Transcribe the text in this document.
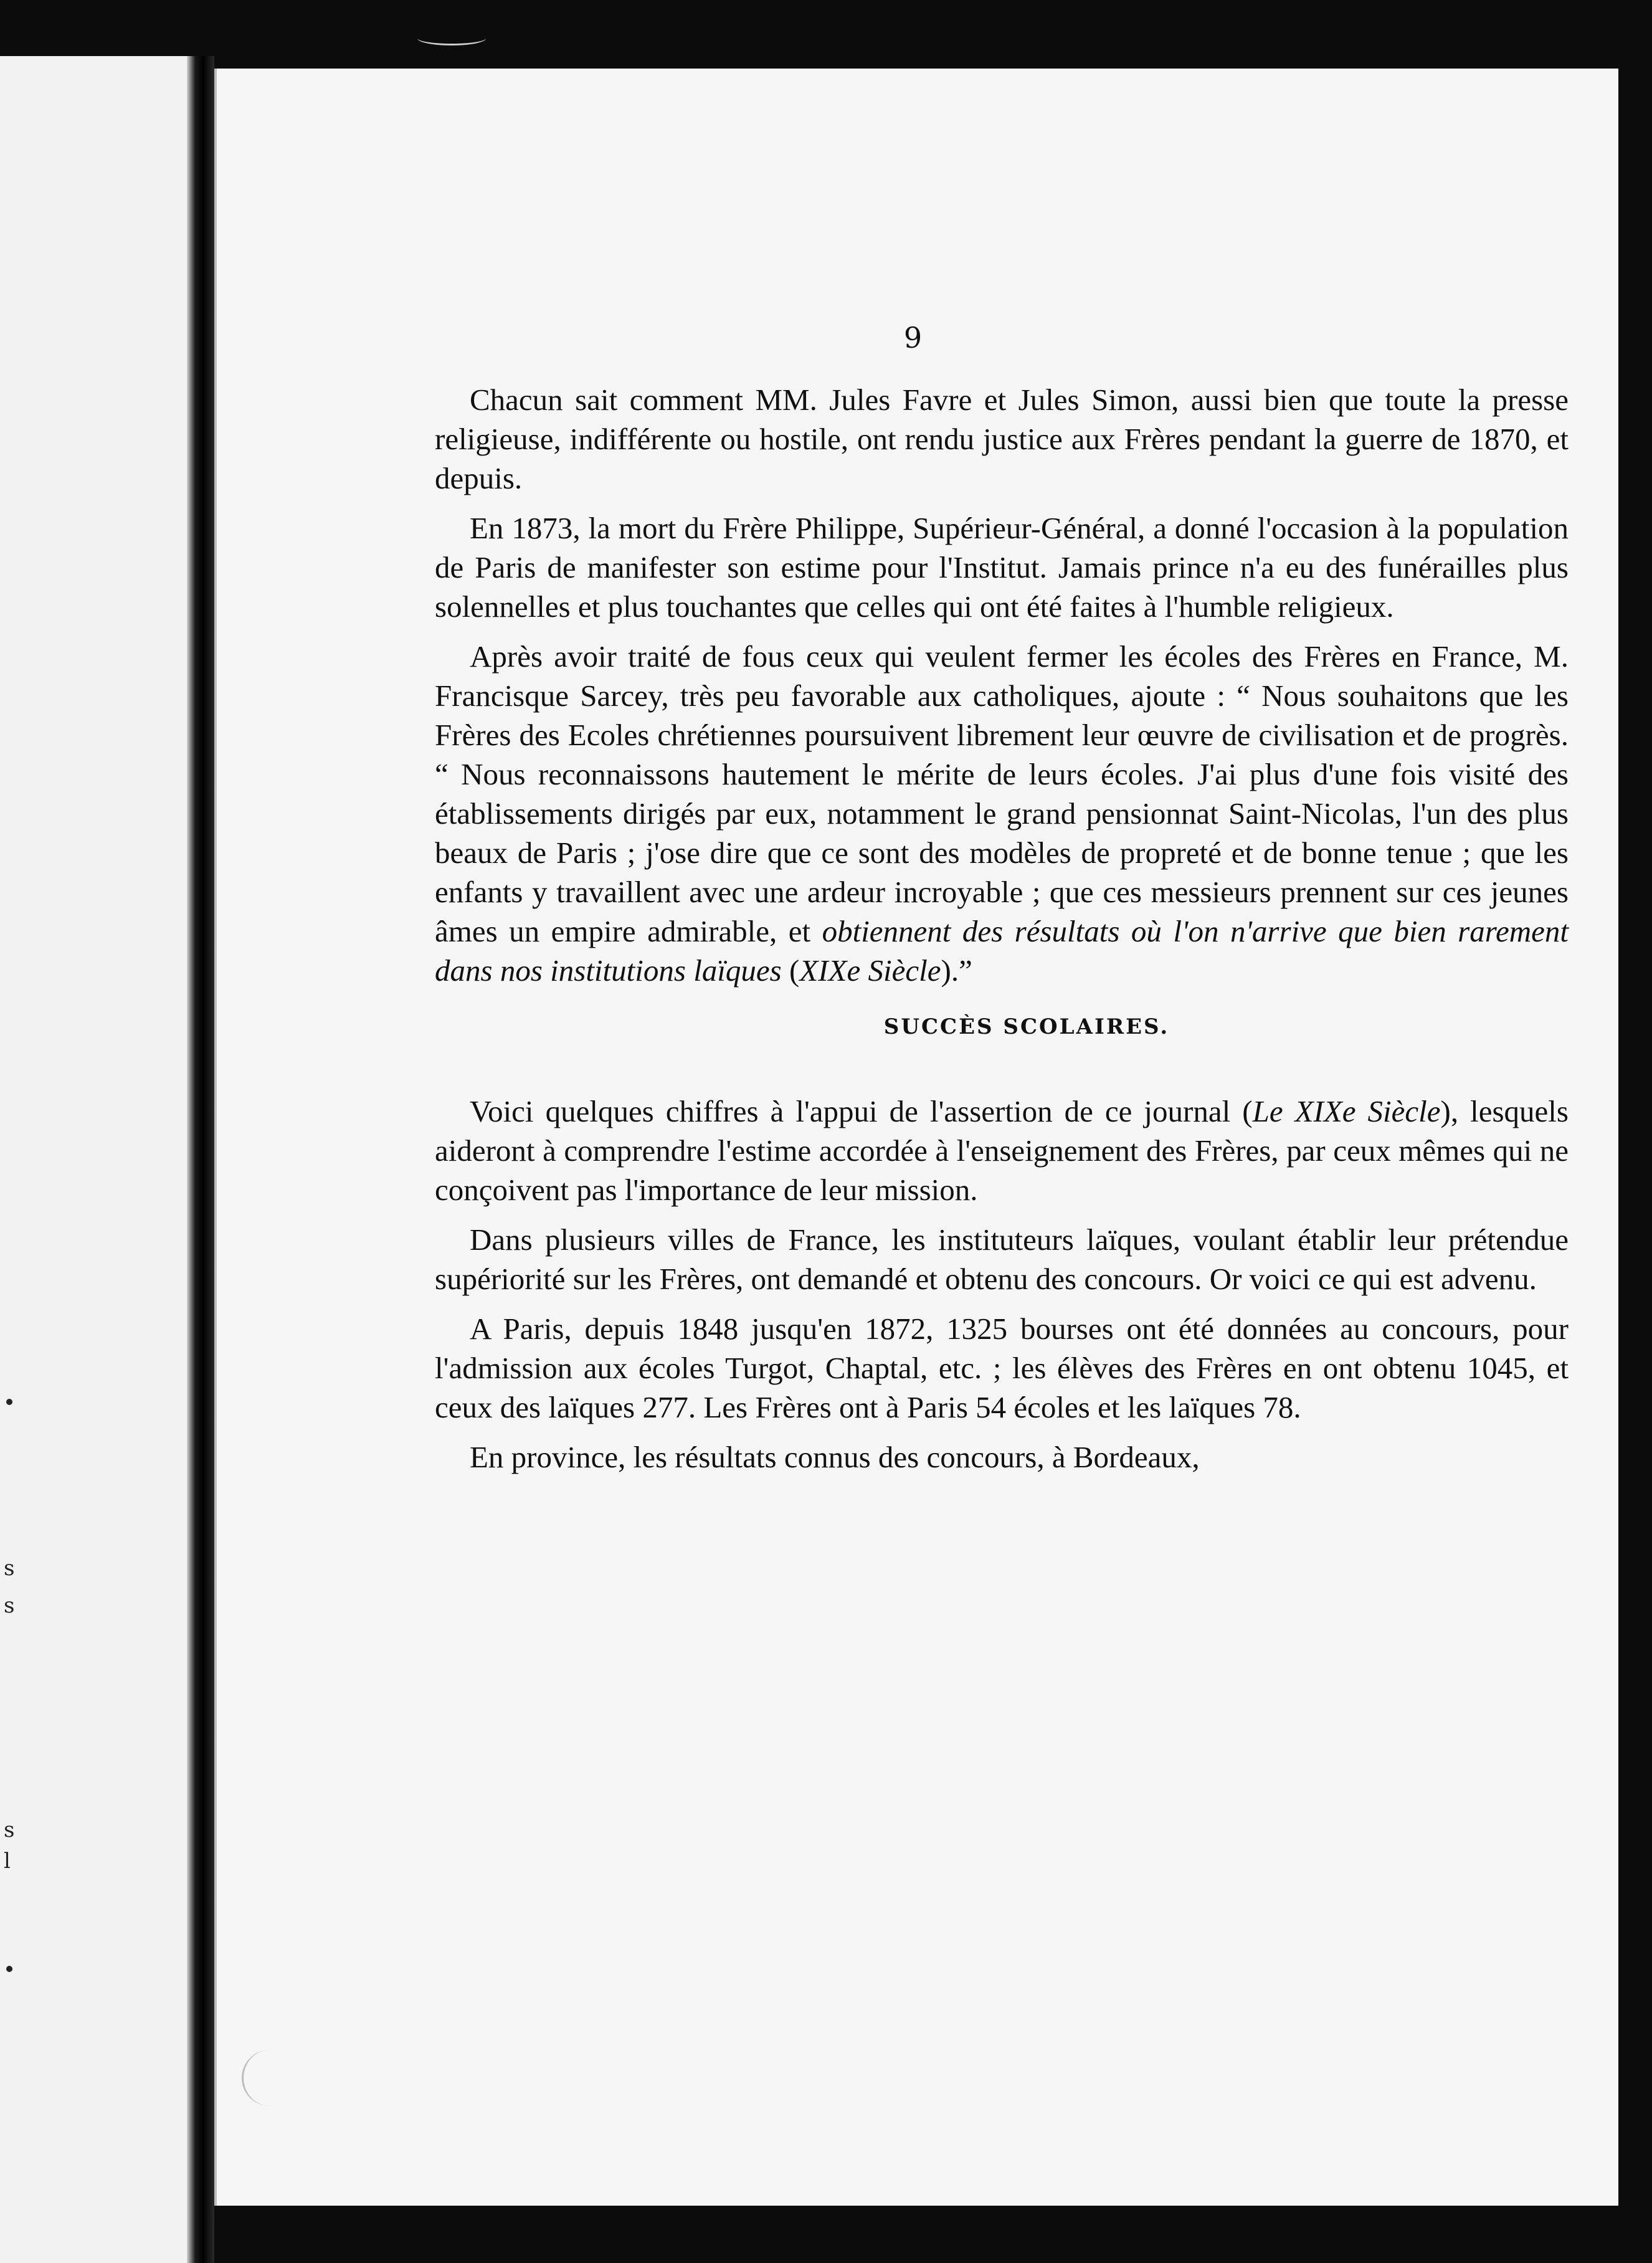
s
s
s
l
9

Chacun sait comment MM. Jules Favre et Jules Simon, aussi bien que toute la presse religieuse, indifférente ou hostile, ont rendu justice aux Frères pendant la guerre de 1870, et depuis.

En 1873, la mort du Frère Philippe, Supérieur-Général, a donné l'occasion à la population de Paris de manifester son estime pour l'Institut. Jamais prince n'a eu des funérailles plus solennelles et plus touchantes que celles qui ont été faites à l'humble religieux.

Après avoir traité de fous ceux qui veulent fermer les écoles des Frères en France, M. Francisque Sarcey, très peu favorable aux catholiques, ajoute : “ Nous souhaitons que les Frères des Ecoles chrétiennes poursuivent librement leur œuvre de civilisation et de progrès. “ Nous reconnaissons hautement le mérite de leurs écoles. J'ai plus d'une fois visité des établissements dirigés par eux, notamment le grand pensionnat Saint-Nicolas, l'un des plus beaux de Paris ; j'ose dire que ce sont des modèles de propreté et de bonne tenue ; que les enfants y travaillent avec une ardeur incroyable ; que ces messieurs prennent sur ces jeunes âmes un empire admirable, et obtiennent des résultats où l'on n'arrive que bien rarement dans nos institutions laïques (XIXe Siècle).”

SUCCÈS SCOLAIRES.

Voici quelques chiffres à l'appui de l'assertion de ce journal (Le XIXe Siècle), lesquels aideront à comprendre l'estime accordée à l'enseignement des Frères, par ceux mêmes qui ne conçoivent pas l'importance de leur mission.

Dans plusieurs villes de France, les instituteurs laïques, voulant établir leur prétendue supériorité sur les Frères, ont demandé et obtenu des concours. Or voici ce qui est advenu.

A Paris, depuis 1848 jusqu'en 1872, 1325 bourses ont été données au concours, pour l'admission aux écoles Turgot, Chaptal, etc. ; les élèves des Frères en ont obtenu 1045, et ceux des laïques 277. Les Frères ont à Paris 54 écoles et les laïques 78.

En province, les résultats connus des concours, à Bordeaux,
